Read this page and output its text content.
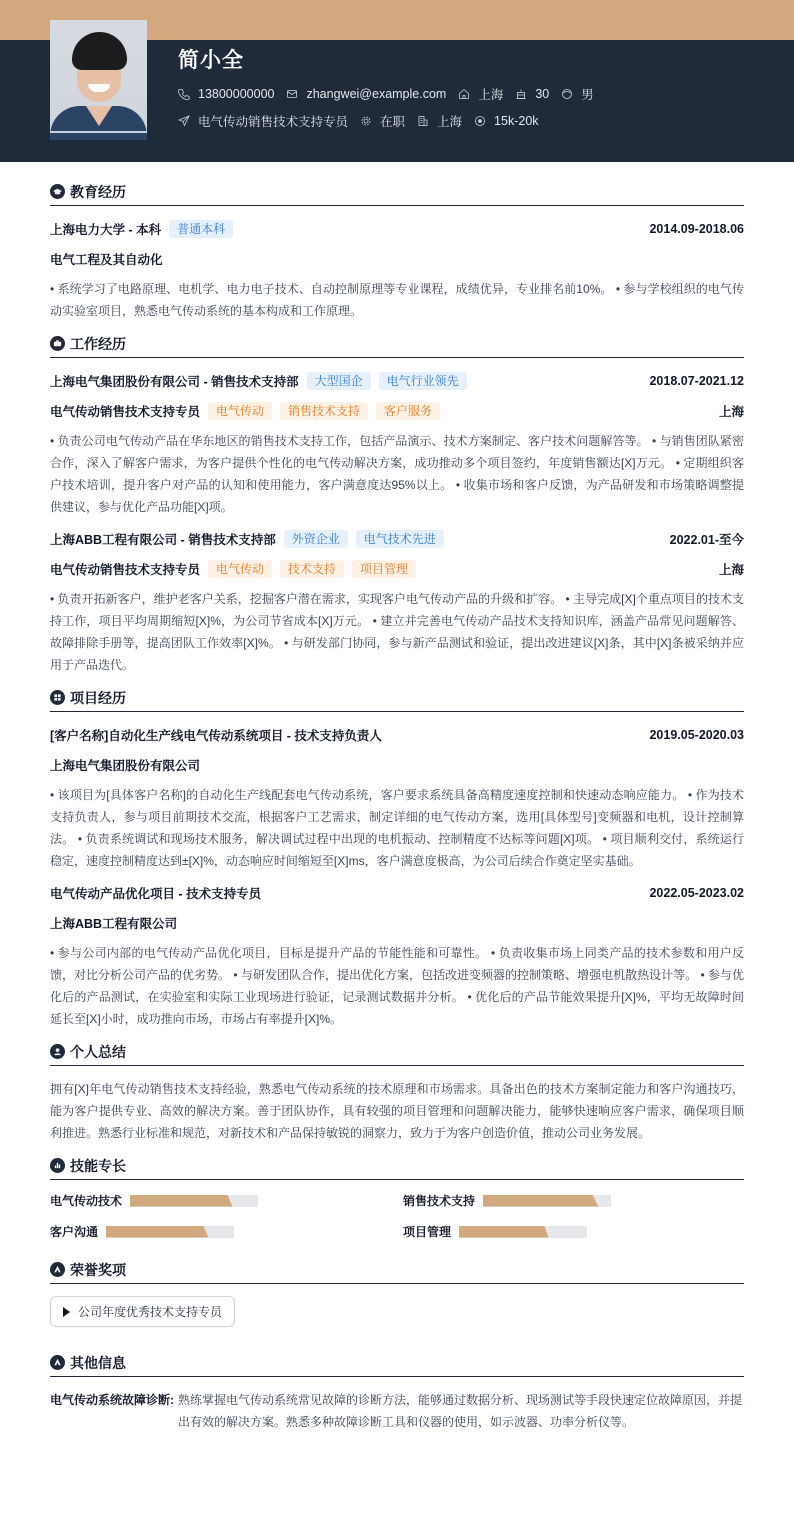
简小全
13800000000	zhangwei@example.com	上海	30	男
电气传动销售技术支持专员	在职	上海	15k-20k
教育经历
上海电力大学 - 本科	普通本科	2014.09-2018.06
电气工程及其自动化
• 系统学习了电路原理、电机学、电力电子技术、自动控制原理等专业课程，成绩优异，专业排名前10%。 • 参与学校组织的电气传动实验室项目，熟悉电气传动系统的基本构成和工作原理。
工作经历
上海电气集团股份有限公司 - 销售技术支持部	大型国企	电气行业领先	2018.07-2021.12
电气传动销售技术支持专员	电气传动	销售技术支持	客户服务	上海
• 负责公司电气传动产品在华东地区的销售技术支持工作，包括产品演示、技术方案制定、客户技术问题解答等。 • 与销售团队紧密合作，深入了解客户需求，为客户提供个性化的电气传动解决方案，成功推动多个项目签约，年度销售额达[X]万元。 • 定期组织客户技术培训，提升客户对产品的认知和使用能力，客户满意度达95%以上。 • 收集市场和客户反馈，为产品研发和市场策略调整提供建议，参与优化产品功能[X]项。
上海ABB工程有限公司 - 销售技术支持部	外资企业	电气技术先进	2022.01-至今
电气传动销售技术支持专员	电气传动	技术支持	项目管理	上海
• 负责开拓新客户，维护老客户关系，挖掘客户潜在需求，实现客户电气传动产品的升级和扩容。 • 主导完成[X]个重点项目的技术支持工作，项目平均周期缩短[X]%，为公司节省成本[X]万元。 • 建立并完善电气传动产品技术支持知识库，涵盖产品常见问题解答、故障排除手册等，提高团队工作效率[X]%。 • 与研发部门协同，参与新产品测试和验证，提出改进建议[X]条，其中[X]条被采纳并应用于产品迭代。
项目经历
[客户名称]自动化生产线电气传动系统项目 - 技术支持负责人	2019.05-2020.03
上海电气集团股份有限公司
• 该项目为[具体客户名称]的自动化生产线配套电气传动系统，客户要求系统具备高精度速度控制和快速动态响应能力。 • 作为技术支持负责人，参与项目前期技术交流，根据客户工艺需求，制定详细的电气传动方案，选用[具体型号]变频器和电机，设计控制算法。 • 负责系统调试和现场技术服务，解决调试过程中出现的电机振动、控制精度不达标等问题[X]项。 • 项目顺利交付，系统运行稳定，速度控制精度达到±[X]%，动态响应时间缩短至[X]ms，客户满意度极高，为公司后续合作奠定坚实基础。
电气传动产品优化项目 - 技术支持专员	2022.05-2023.02
上海ABB工程有限公司
• 参与公司内部的电气传动产品优化项目，目标是提升产品的节能性能和可靠性。 • 负责收集市场上同类产品的技术参数和用户反馈，对比分析公司产品的优劣势。 • 与研发团队合作，提出优化方案，包括改进变频器的控制策略、增强电机散热设计等。 • 参与优化后的产品测试，在实验室和实际工业现场进行验证，记录测试数据并分析。 • 优化后的产品节能效果提升[X]%，平均无故障时间延长至[X]小时，成功推向市场，市场占有率提升[X]%。
个人总结
拥有[X]年电气传动销售技术支持经验，熟悉电气传动系统的技术原理和市场需求。具备出色的技术方案制定能力和客户沟通技巧，能为客户提供专业、高效的解决方案。善于团队协作，具有较强的项目管理和问题解决能力，能够快速响应客户需求，确保项目顺利推进。熟悉行业标准和规范，对新技术和产品保持敏锐的洞察力，致力于为客户创造价值，推动公司业务发展。
技能专长
电气传动技术	销售技术支持
客户沟通	项目管理
荣誉奖项
公司年度优秀技术支持专员
其他信息
电气传动系统故障诊断: 熟练掌握电气传动系统常见故障的诊断方法，能够通过数据分析、现场测试等手段快速定位故障原因，并提出有效的解决方案。熟悉多种故障诊断工具和仪器的使用，如示波器、功率分析仪等。
